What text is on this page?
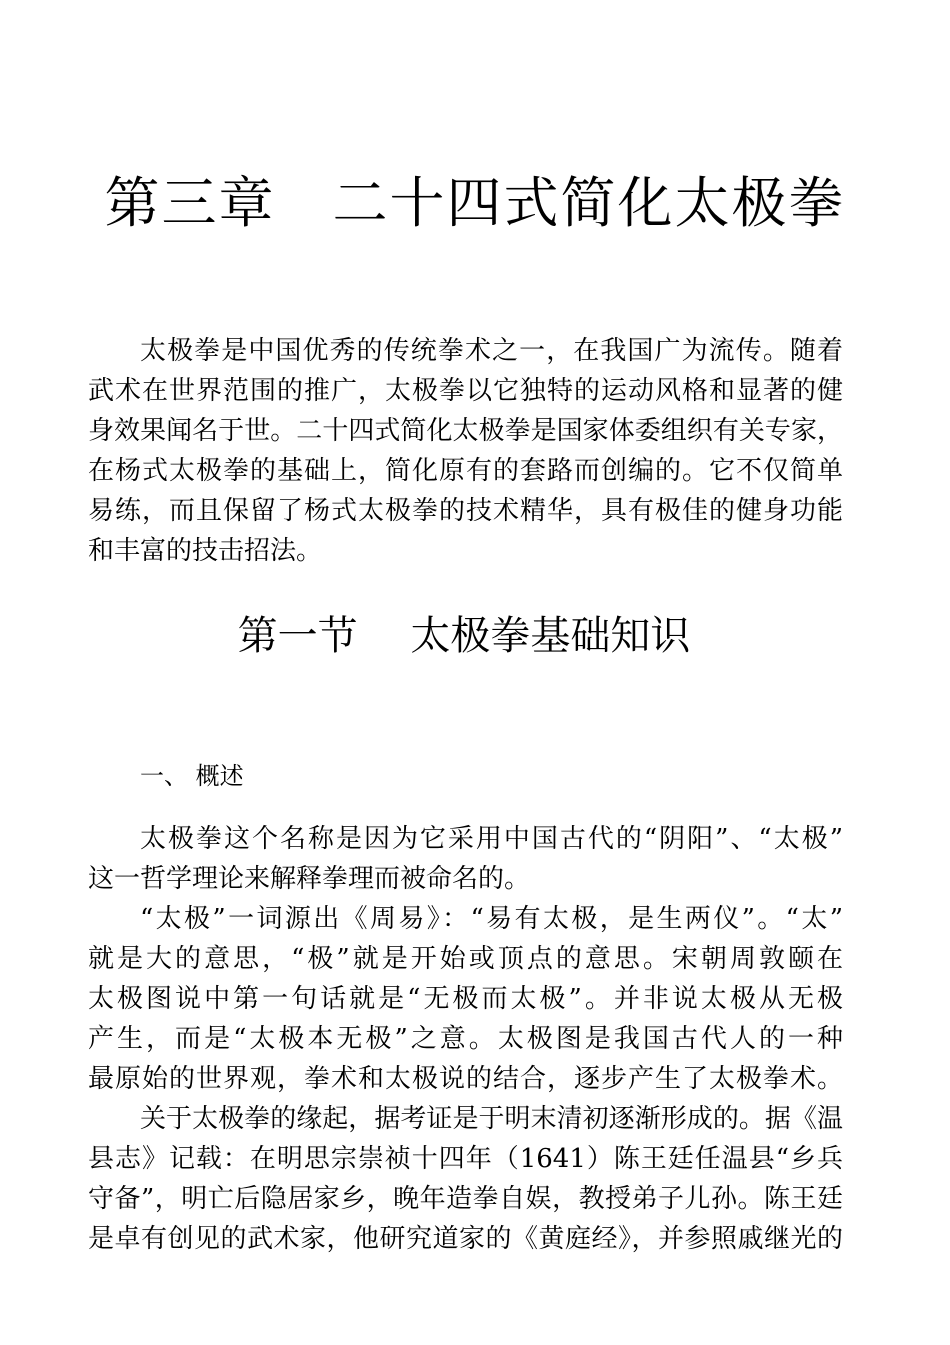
第三章　二十四式简化太极拳
太极拳是中国优秀的传统拳术之一，在我国广为流传。随着
武术在世界范围的推广，太极拳以它独特的运动风格和显著的健
身效果闻名于世。二十四式简化太极拳是国家体委组织有关专家，
在杨式太极拳的基础上，简化原有的套路而创编的。它不仅简单
易练，而且保留了杨式太极拳的技术精华，具有极佳的健身功能
和丰富的技击招法。
第一节　 太极拳基础知识
一、 概述
太极拳这个名称是因为它采用中国古代的“阴阳”、“太极”
这一哲学理论来解释拳理而被命名的。
“太极”一词源出《周易》：“易有太极，是生两仪”。“太”
就是大的意思，“极”就是开始或顶点的意思。宋朝周敦颐在
太极图说中第一句话就是“无极而太极”。并非说太极从无极
产生，而是“太极本无极”之意。太极图是我国古代人的一种
最原始的世界观，拳术和太极说的结合，逐步产生了太极拳术。
关于太极拳的缘起，据考证是于明末清初逐渐形成的。据《温
县志》记载：在明思宗崇祯十四年（1641）陈王廷任温县“乡兵
守备”，明亡后隐居家乡，晚年造拳自娱，教授弟子儿孙。陈王廷
是卓有创见的武术家，他研究道家的《黄庭经》，并参照戚继光的
